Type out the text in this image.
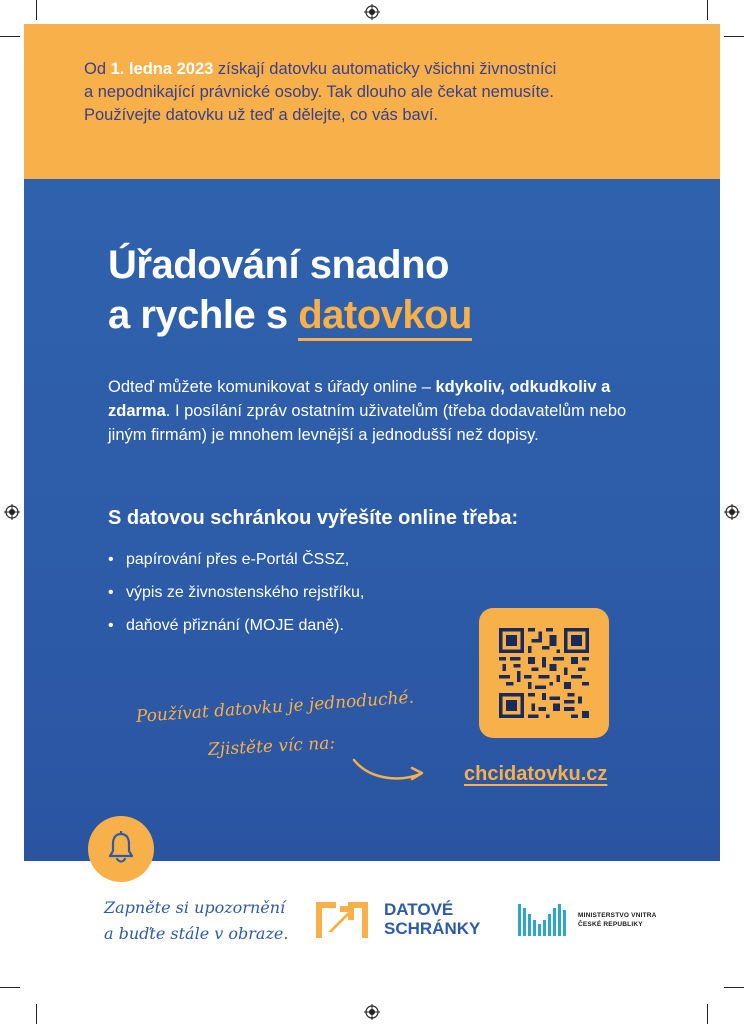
Od 1. ledna 2023 získají datovku automaticky všichni živnostníci
a nepodnikající právnické osoby. Tak dlouho ale čekat nemusíte.
Používejte datovku už teď a dělejte, co vás baví.
Úřadování snadno
a rychle s datovkou
Odteď můžete komunikovat s úřady online – kdykoliv, odkudkoliv a zdarma. I posílání zpráv ostatním uživatelům (třeba dodavatelům nebo jiným firmám) je mnohem levnější a jednodušší než dopisy.
S datovou schránkou vyřešíte online třeba:
• papírování přes e-Portál ČSSZ,
• výpis ze živnostenského rejstříku,
• daňové přiznání (MOJE daně).
Používat datovku je jednoduché.
Zjistěte víc na:
chcidatovku.cz
Zapněte si upozornění
a buďte stále v obraze.
DATOVÉ
SCHRÁNKY
MINISTERSTVO VNITRA
ČESKÉ REPUBLIKY
